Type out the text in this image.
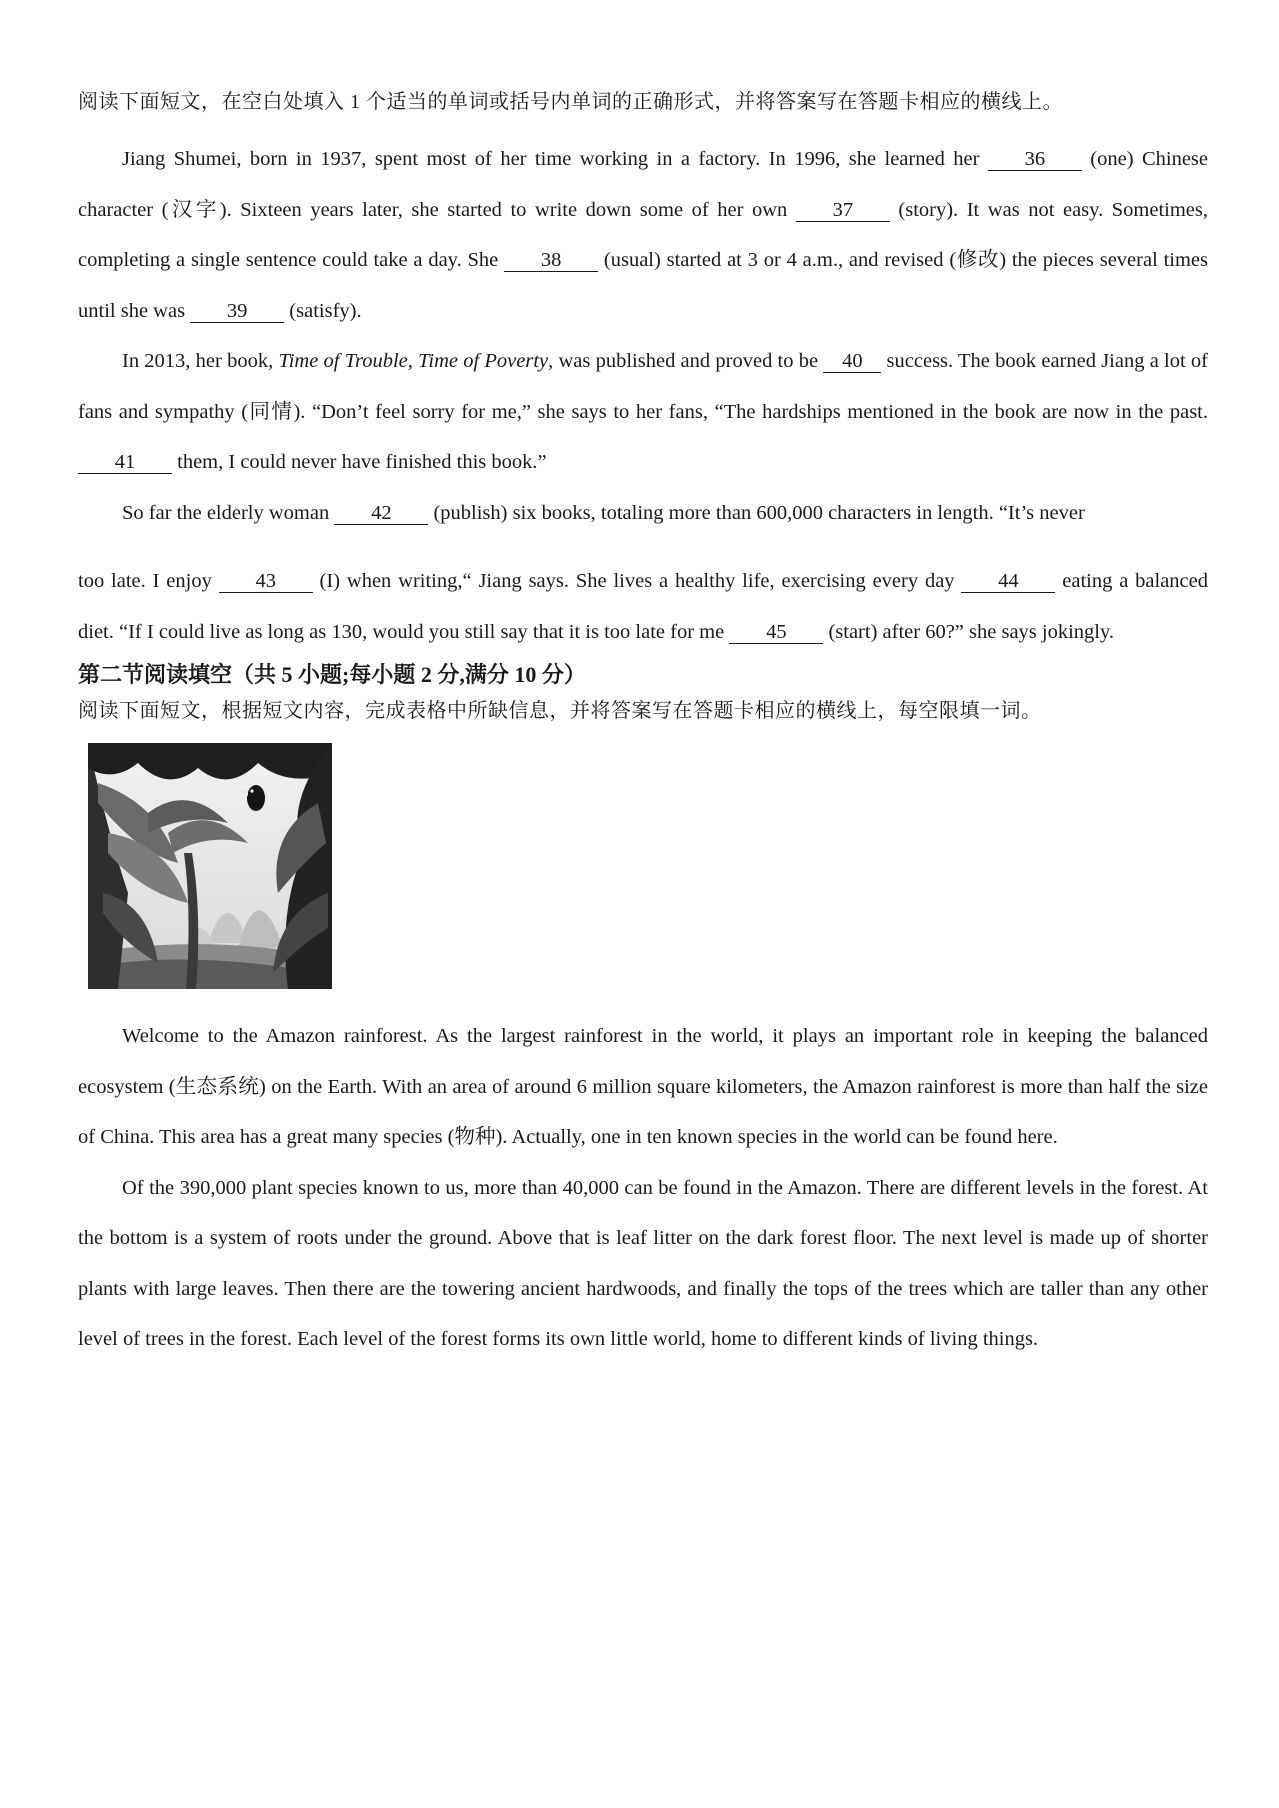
阅读下面短文，在空白处填入 1 个适当的单词或括号内单词的正确形式，并将答案写在答题卡相应的横线上。

Jiang Shumei, born in 1937, spent most of her time working in a factory. In 1996, she learned her 36 (one) Chinese character (汉字). Sixteen years later, she started to write down some of her own 37 (story). It was not easy. Sometimes, completing a single sentence could take a day. She 38 (usual) started at 3 or 4 a.m., and revised (修改) the pieces several times until she was 39 (satisfy).

In 2013, her book, Time of Trouble, Time of Poverty, was published and proved to be 40 success. The book earned Jiang a lot of fans and sympathy (同情). “Don’t feel sorry for me,” she says to her fans, “The hardships mentioned in the book are now in the past. 41 them, I could never have finished this book.”

So far the elderly woman 42 (publish) six books, totaling more than 600,000 characters in length. “It’s never

too late. I enjoy 43 (I) when writing,“ Jiang says. She lives a healthy life, exercising every day 44 eating a balanced diet. “If I could live as long as 130, would you still say that it is too late for me 45 (start) after 60?” she says jokingly.

第二节阅读填空（共 5 小题;每小题 2 分,满分 10 分）

阅读下面短文，根据短文内容，完成表格中所缺信息，并将答案写在答题卡相应的横线上，每空限填一词。

Welcome to the Amazon rainforest. As the largest rainforest in the world, it plays an important role in keeping the balanced ecosystem (生态系统) on the Earth. With an area of around 6 million square kilometers, the Amazon rainforest is more than half the size of China. This area has a great many species (物种). Actually, one in ten known species in the world can be found here.

Of the 390,000 plant species known to us, more than 40,000 can be found in the Amazon. There are different levels in the forest. At the bottom is a system of roots under the ground. Above that is leaf litter on the dark forest floor. The next level is made up of shorter plants with large leaves. Then there are the towering ancient hardwoods, and finally the tops of the trees which are taller than any other level of trees in the forest. Each level of the forest forms its own little world, home to different kinds of living things.
